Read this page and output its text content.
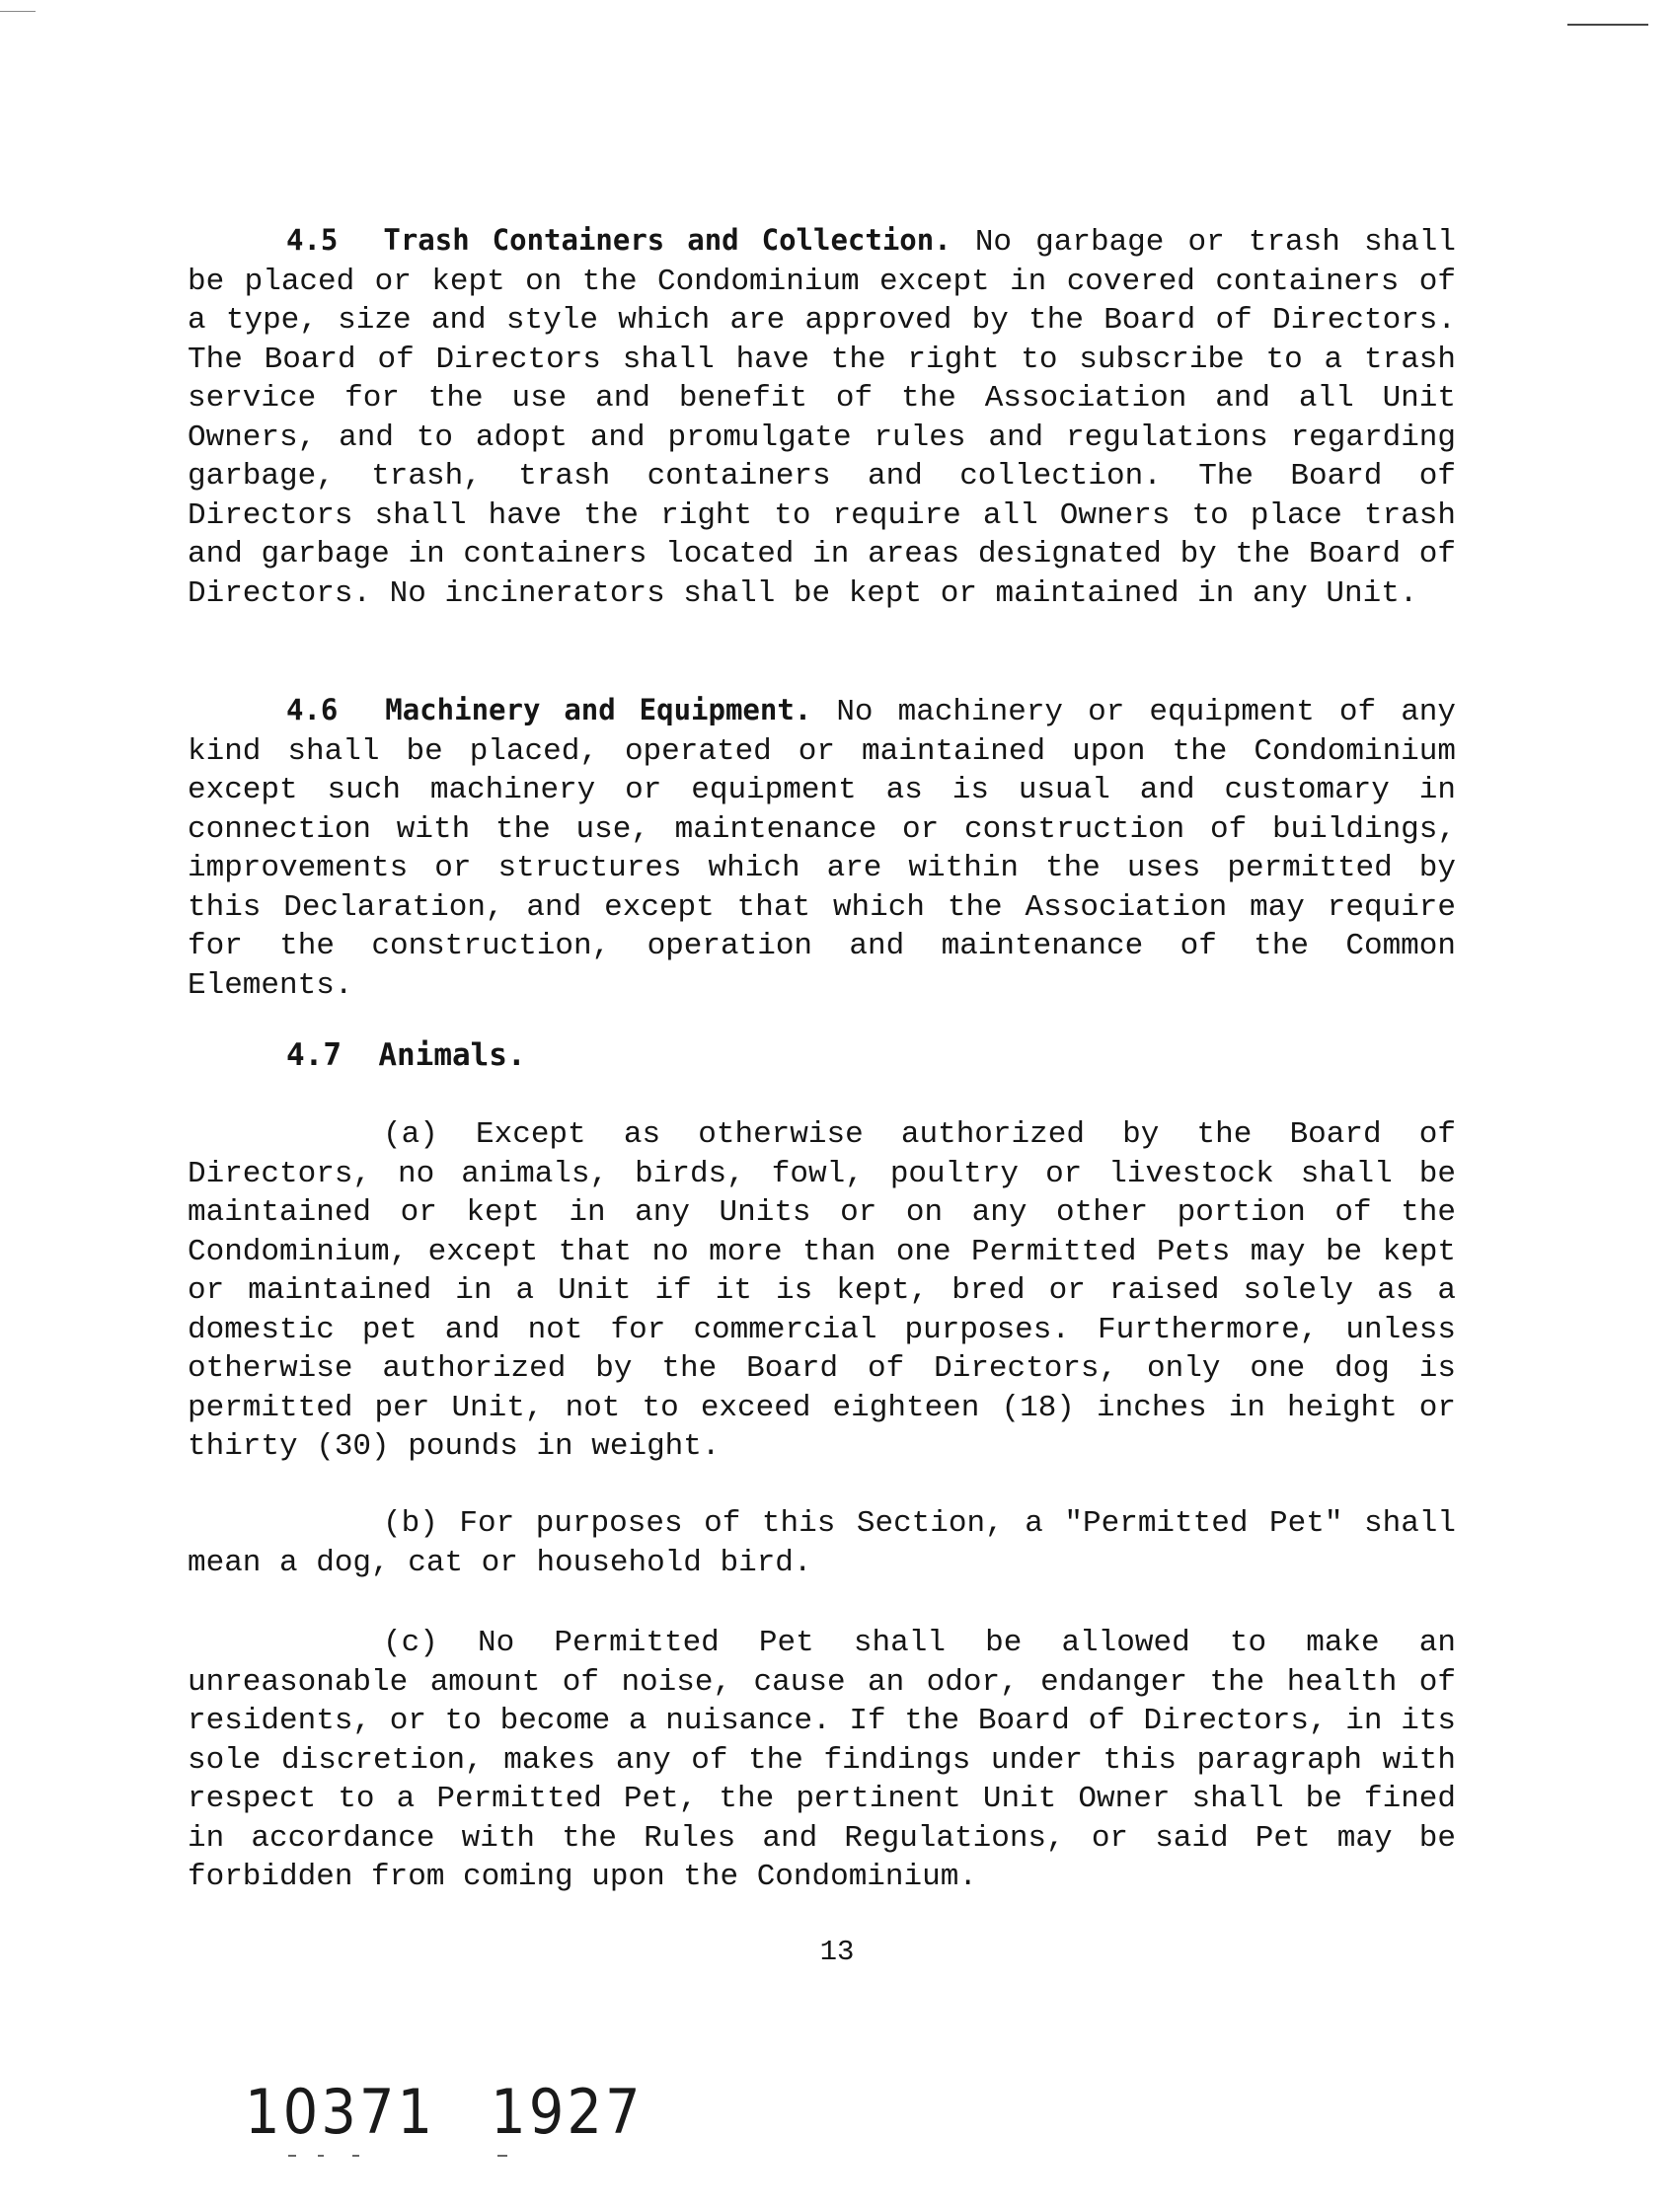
4.5 Trash Containers and Collection. No garbage or trash shall be placed or kept on the Condominium except in covered containers of a type, size and style which are approved by the Board of Directors. The Board of Directors shall have the right to subscribe to a trash service for the use and benefit of the Association and all Unit Owners, and to adopt and promulgate rules and regulations regarding garbage, trash, trash containers and collection. The Board of Directors shall have the right to require all Owners to place trash and garbage in containers located in areas designated by the Board of Directors. No incinerators shall be kept or maintained in any Unit.

4.6 Machinery and Equipment. No machinery or equipment of any kind shall be placed, operated or maintained upon the Condominium except such machinery or equipment as is usual and customary in connection with the use, maintenance or construction of buildings, improvements or structures which are within the uses permitted by this Declaration, and except that which the Association may require for the construction, operation and maintenance of the Common Elements.

4.7 Animals.

(a) Except as otherwise authorized by the Board of Directors, no animals, birds, fowl, poultry or livestock shall be maintained or kept in any Units or on any other portion of the Condominium, except that no more than one Permitted Pets may be kept or maintained in a Unit if it is kept, bred or raised solely as a domestic pet and not for commercial purposes. Furthermore, unless otherwise authorized by the Board of Directors, only one dog is permitted per Unit, not to exceed eighteen (18) inches in height or thirty (30) pounds in weight.

(b) For purposes of this Section, a "Permitted Pet" shall mean a dog, cat or household bird.

(c) No Permitted Pet shall be allowed to make an unreasonable amount of noise, cause an odor, endanger the health of residents, or to become a nuisance. If the Board of Directors, in its sole discretion, makes any of the findings under this paragraph with respect to a Permitted Pet, the pertinent Unit Owner shall be fined in accordance with the Rules and Regulations, or said Pet may be forbidden from coming upon the Condominium.

13
10371 1927
